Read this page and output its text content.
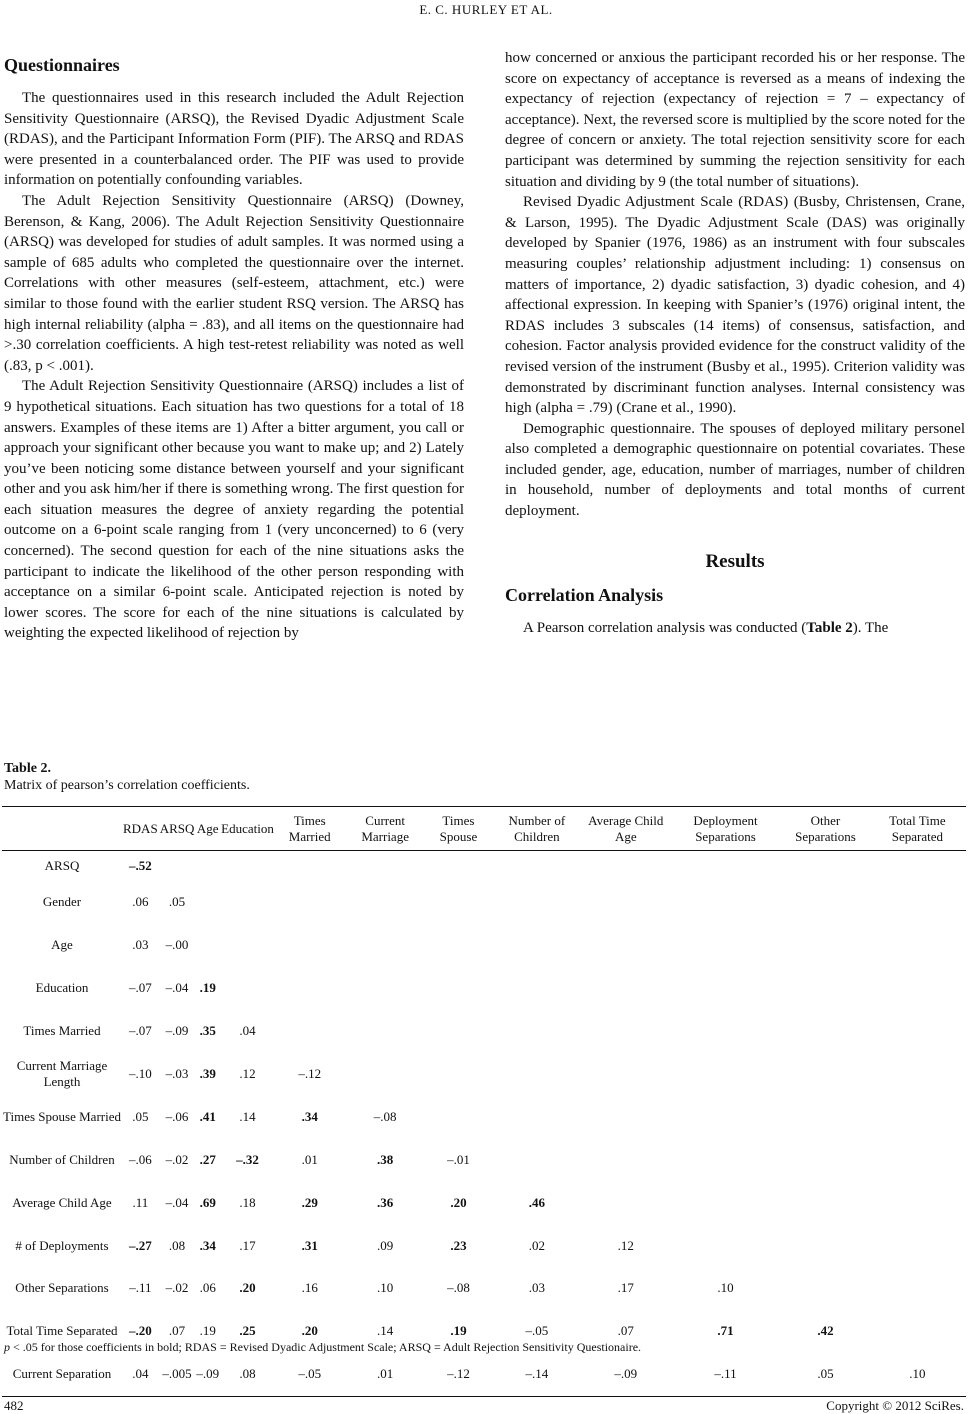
E. C. HURLEY ET AL.
Questionnaires

The questionnaires used in this research included the Adult Rejection Sensitivity Questionnaire (ARSQ), the Revised Dyadic Adjustment Scale (RDAS), and the Participant Information Form (PIF). The ARSQ and RDAS were presented in a counterbalanced order. The PIF was used to provide information on potentially confounding variables.

The Adult Rejection Sensitivity Questionnaire (ARSQ) (Downey, Berenson, & Kang, 2006). The Adult Rejection Sensitivity Questionnaire (ARSQ) was developed for studies of adult samples. It was normed using a sample of 685 adults who completed the questionnaire over the internet. Correlations with other measures (self-esteem, attachment, etc.) were similar to those found with the earlier student RSQ version. The ARSQ has high internal reliability (alpha = .83), and all items on the questionnaire had >.30 correlation coefficients. A high test-retest reliability was noted as well (.83, p < .001).

The Adult Rejection Sensitivity Questionnaire (ARSQ) includes a list of 9 hypothetical situations. Each situation has two questions for a total of 18 answers. Examples of these items are 1) After a bitter argument, you call or approach your significant other because you want to make up; and 2) Lately you’ve been noticing some distance between yourself and your significant other and you ask him/her if there is something wrong. The first question for each situation measures the degree of anxiety regarding the potential outcome on a 6-point scale ranging from 1 (very unconcerned) to 6 (very concerned). The second question for each of the nine situations asks the participant to indicate the likelihood of the other person responding with acceptance on a similar 6-point scale. Anticipated rejection is noted by lower scores. The score for each of the nine situations is calculated by weighting the expected likelihood of rejection by

how concerned or anxious the participant recorded his or her response. The score on expectancy of acceptance is reversed as a means of indexing the expectancy of rejection (expectancy of rejection = 7 – expectancy of acceptance). Next, the reversed score is multiplied by the score noted for the degree of concern or anxiety. The total rejection sensitivity score for each participant was determined by summing the rejection sensitivity for each situation and dividing by 9 (the total number of situations).

Revised Dyadic Adjustment Scale (RDAS) (Busby, Christensen, Crane, & Larson, 1995). The Dyadic Adjustment Scale (DAS) was originally developed by Spanier (1976, 1986) as an instrument with four subscales measuring couples’ relationship adjustment including: 1) consensus on matters of importance, 2) dyadic satisfaction, 3) dyadic cohesion, and 4) affectional expression. In keeping with Spanier’s (1976) original intent, the RDAS includes 3 subscales (14 items) of consensus, satisfaction, and cohesion. Factor analysis provided evidence for the construct validity of the revised version of the instrument (Busby et al., 1995). Criterion validity was demonstrated by discriminant function analyses. Internal consistency was high (alpha = .79) (Crane et al., 1990).

Demographic questionnaire. The spouses of deployed military personel also completed a demographic questionnaire on potential covariates. These included gender, age, education, number of marriages, number of children in household, number of deployments and total months of current deployment.

Results
Correlation Analysis

A Pearson correlation analysis was conducted (Table 2). The

Table 2.
Matrix of pearson’s correlation coefficients.
	RDAS	ARSQ	Age	Education	Times Married	Current Marriage	Times Spouse	Number of Children	Average Child Age	Deployment Separations	Other Separations	Total Time Separated
ARSQ	–.52											
Gender	.06	.05										
Age	.03	–.00										
Education	–.07	–.04	.19									
Times Married	–.07	–.09	.35	.04								
Current Marriage Length	–.10	–.03	.39	.12	–.12							
Times Spouse Married	.05	–.06	.41	.14	.34	–.08						
Number of Children	–.06	–.02	.27	–.32	.01	.38	–.01					
Average Child Age	.11	–.04	.69	.18	.29	.36	.20	.46				
# of Deployments	–.27	.08	.34	.17	.31	.09	.23	.02	.12			
Other Separations	–.11	–.02	.06	.20	.16	.10	–.08	.03	.17	.10		
Total Time Separated	–.20	.07	.19	.25	.20	.14	.19	–.05	.07	.71	.42	
Current Separation	.04	–.005	–.09	.08	–.05	.01	–.12	–.14	–.09	–.11	.05	.10
p < .05 for those coefficients in bold; RDAS = Revised Dyadic Adjustment Scale; ARSQ = Adult Rejection Sensitivity Questionaire.
482	Copyright © 2012 SciRes.
